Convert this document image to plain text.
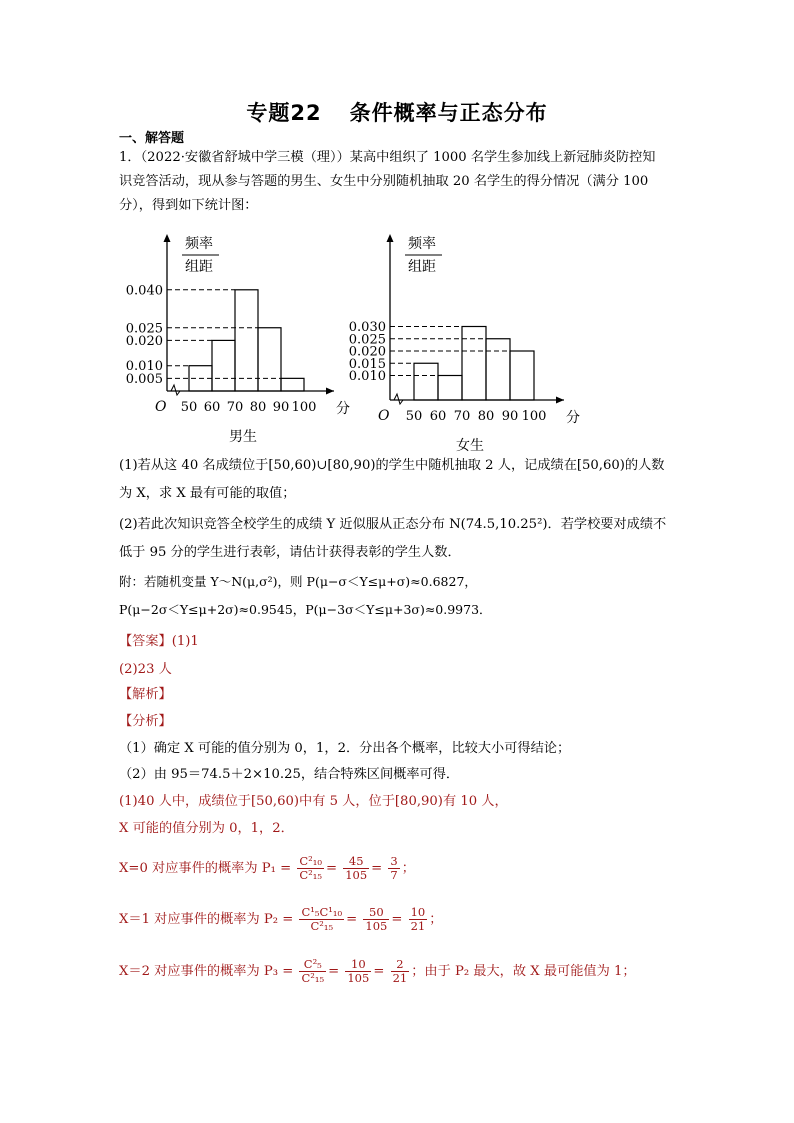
专题22 条件概率与正态分布
一、解答题
1．（2022·安徽省舒城中学三模（理））某高中组织了 1000 名学生参加线上新冠肺炎防控知
识竞答活动，现从参与答题的男生、女生中分别随机抽取 20 名学生的得分情况（满分 100
分），得到如下统计图：
频率
组距
0.040
0.025
0.020
0.010
0.005
50 60 70 80 90 100 分
O
男生
频率
组距
0.030
0.025
0.020
0.015
0.010
50 60 70 80 90 100 分
O
女生
(1)若从这 40 名成绩位于[50,60)∪[80,90)的学生中随机抽取 2 人，记成绩在[50,60)的人数
为 X，求 X 最有可能的取值；
(2)若此次知识竞答全校学生的成绩 Y 近似服从正态分布 N(74.5,10.25²)．若学校要对成绩不
低于 95 分的学生进行表彰，请估计获得表彰的学生人数．
附：若随机变量 Y～N(μ,σ²)，则 P(μ−σ＜Y≤μ+σ)≈0.6827，
P(μ−2σ＜Y≤μ+2σ)≈0.9545，P(μ−3σ＜Y≤μ+3σ)≈0.9973．
【答案】(1)1
(2)23 人
【解析】
【分析】
（1）确定 X 可能的值分别为 0，1，2．分出各个概率，比较大小可得结论；
（2）由 95＝74.5＋2×10.25，结合特殊区间概率可得．
(1)40 人中，成绩位于[50,60)中有 5 人，位于[80,90)有 10 人，
X 可能的值分别为 0，1，2．
X=0 对应事件的概率为 $P_1 = \frac{\text{C²₁₀}}{\text{C²₁₅}} = \frac{45}{105} = \frac{3}{7}$ ；
X＝1 对应事件的概率为 $P_2 = \frac{\text{C¹₅C¹₁₀}}{\text{C²₁₅}} = \frac{50}{105} = \frac{10}{21}$ ；
X＝2 对应事件的概率为 $P_3 = \frac{\text{C²₅}}{\text{C²₁₅}} = \frac{10}{105} = \frac{2}{21}$ ；由于 P₂ 最大，故 X 最可能值为 1；
